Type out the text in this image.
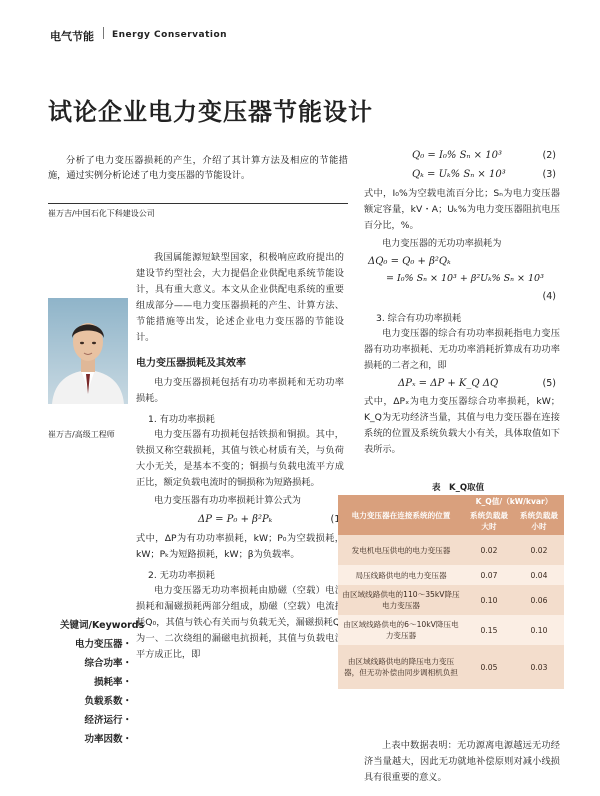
电气节能 Energy Conservation
试论企业电力变压器节能设计
分析了电力变压器损耗的产生，介绍了其计算方法及相应的节能措施，通过实例分析论述了电力变压器的节能设计。
崔万吉/中国石化下科建设公司
崔万吉/高级工程师

我国属能源短缺型国家，积极响应政府提出的建设节约型社会，大力提倡企业供配电系统节能设计，具有重大意义。本文从企业供配电系统的重要组成部分——电力变压器损耗的产生、计算方法、节能措施等出发，论述企业电力变压器的节能设计。

电力变压器损耗及其效率

电力变压器损耗包括有功功率损耗和无功功率损耗。

1. 有功功率损耗

电力变压器有功损耗包括铁损和铜损。其中，铁损又称空载损耗，其值与铁心材质有关，与负荷大小无关，是基本不变的；铜损与负载电流平方成正比，额定负载电流时的铜损称为短路损耗。

电力变压器有功功率损耗计算公式为

ΔP = P₀ + β²Pₖ	(1)

式中，ΔP为有功功率损耗，kW；P₀为空载损耗，kW；Pₖ为短路损耗，kW；β为负载率。

2. 无功功率损耗

电力变压器无功功率损耗由励磁（空载）电流损耗和漏磁损耗两部分组成，励磁（空载）电流损耗Q₀，其值与铁心有关而与负载无关，漏磁损耗Qₖ为一、二次绕组的漏磁电抗损耗，其值与负载电流平方成正比，即

关键词/Keywords
电力变压器・
综合功率・
损耗率・
负载系数・
经济运行・
功率因数・
Q₀ = I₀% Sₙ × 10³	(2)
Qₖ = Uₖ% Sₙ × 10³	(3)

式中，I₀%为空载电流百分比；Sₙ为电力变压器额定容量，kV・A；Uₖ%为电力变压器阻抗电压百分比，%。

电力变压器的无功功率损耗为

ΔQ₀ = Q₀ + β²Qₖ
= I₀% Sₙ × 10³ + β²Uₖ% Sₙ × 10³
(4)
3. 综合有功功率损耗

电力变压器的综合有功功率损耗指电力变压器有功功率损耗、无功功率消耗折算成有功功率损耗的二者之和，即

ΔPₓ = ΔP + K_Q ΔQ	(5)

式中，ΔPₓ为电力变压器综合功率损耗，kW；K_Q为无功经济当量，其值与电力变压器在连接系统的位置及系统负载大小有关，具体取值如下表所示。

表　K_Q取值
电力变压器在连接系统的位置	K_Q值/（kW/kvar）	
	系统负载最大时	系统负载最小时
发电机电压供电的电力变压器	0.02	0.02
局压线路供电的电力变压器	0.07	0.04
由区域线路供电的110～35kV降压电力变压器	0.10	0.06
由区域线路供电的6～10kV降压电力变压器	0.15	0.10
由区域线路供电的降压电力变压器，但无功补偿由同步调相机负担	0.05	0.03

上表中数据表明：无功源离电源越远无功经济当量越大，因此无功就地补偿原则对减小线损具有很重要的意义。
